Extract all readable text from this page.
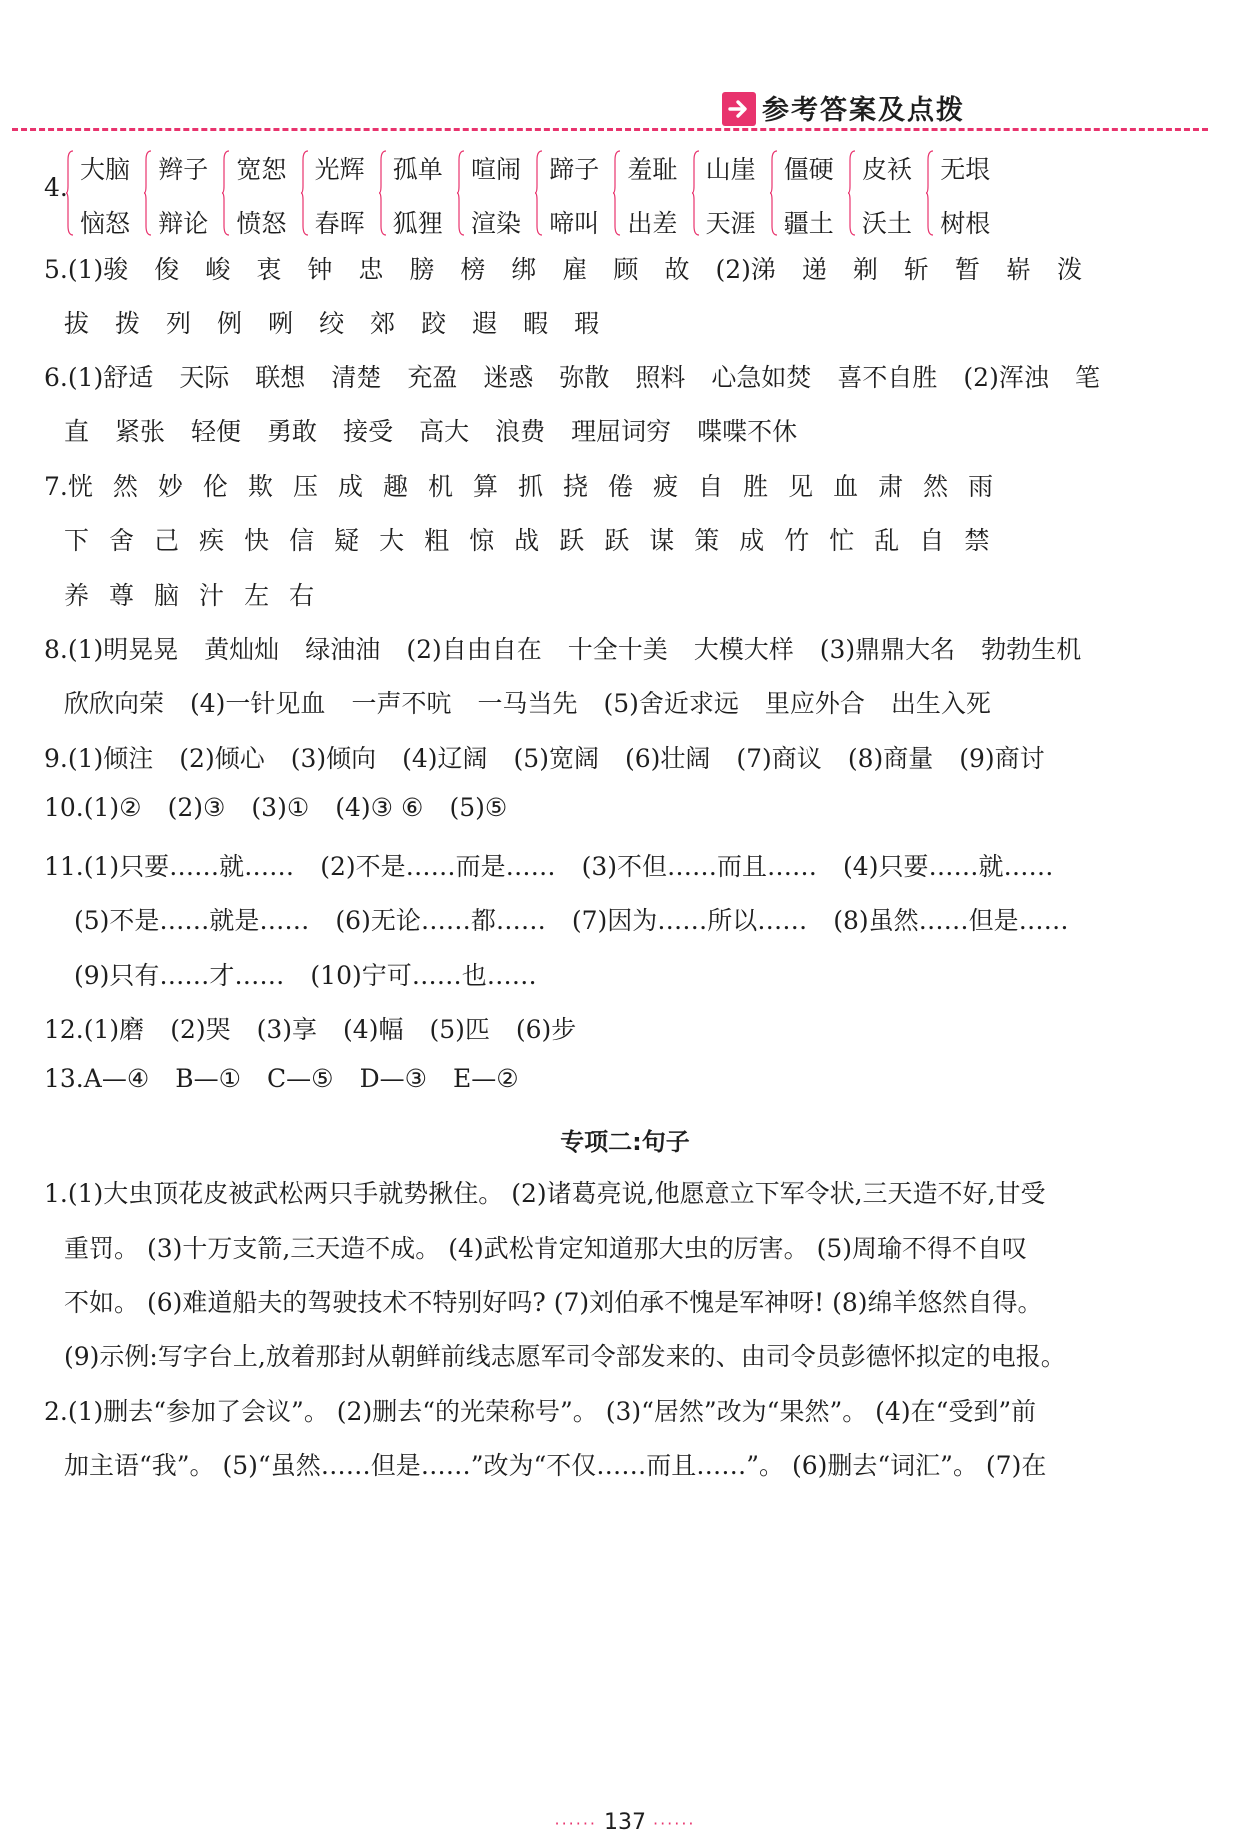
参考答案及点拨
4.
大脑
恼怒
辫子
辩论
宽恕
愤怒
光辉
春晖
孤单
狐狸
喧闹
渲染
蹄子
啼叫
羞耻
出差
山崖
天涯
僵硬
疆土
皮袄
沃土
无垠
树根
5.(1)骏 俊 峻 衷 钟 忠 膀 榜 绑 雇 顾 故 (2)涕 递 剃 斩 暂 崭 泼
拔 拨 列 例 咧 绞 郊 跤 遐 暇 瑕
6.(1)舒适 天际 联想 清楚 充盈 迷惑 弥散 照料 心急如焚 喜不自胜 (2)浑浊 笔
直 紧张 轻便 勇敢 接受 高大 浪费 理屈词穷 喋喋不休
7.恍 然 妙 伦 欺 压 成 趣 机 算 抓 挠 倦 疲 自 胜 见 血 肃 然 雨
下 舍 己 疾 快 信 疑 大 粗 惊 战 跃 跃 谋 策 成 竹 忙 乱 自 禁
养 尊 脑 汁 左 右
8.(1)明晃晃 黄灿灿 绿油油 (2)自由自在 十全十美 大模大样 (3)鼎鼎大名 勃勃生机
欣欣向荣 (4)一针见血 一声不吭 一马当先 (5)舍近求远 里应外合 出生入死
9.(1)倾注 (2)倾心 (3)倾向 (4)辽阔 (5)宽阔 (6)壮阔 (7)商议 (8)商量 (9)商讨
10.(1)② (2)③ (3)① (4)③ ⑥ (5)⑤
11.(1)只要……就…… (2)不是……而是…… (3)不但……而且…… (4)只要……就……
(5)不是……就是…… (6)无论……都…… (7)因为……所以…… (8)虽然……但是……
(9)只有……才…… (10)宁可……也……
12.(1)磨 (2)哭 (3)享 (4)幅 (5)匹 (6)步
13.A—④ B—① C—⑤ D—③ E—②
专项二:句子
1.(1)大虫顶花皮被武松两只手就势揪住。 (2)诸葛亮说,他愿意立下军令状,三天造不好,甘受
重罚。 (3)十万支箭,三天造不成。 (4)武松肯定知道那大虫的厉害。 (5)周瑜不得不自叹
不如。 (6)难道船夫的驾驶技术不特别好吗? (7)刘伯承不愧是军神呀! (8)绵羊悠然自得。
(9)示例:写字台上,放着那封从朝鲜前线志愿军司令部发来的、由司令员彭德怀拟定的电报。
2.(1)删去“参加了会议”。 (2)删去“的光荣称号”。 (3)“居然”改为“果然”。 (4)在“受到”前
加主语“我”。 (5)“虽然……但是……”改为“不仅……而且……”。 (6)删去“词汇”。 (7)在
······ 137 ······
